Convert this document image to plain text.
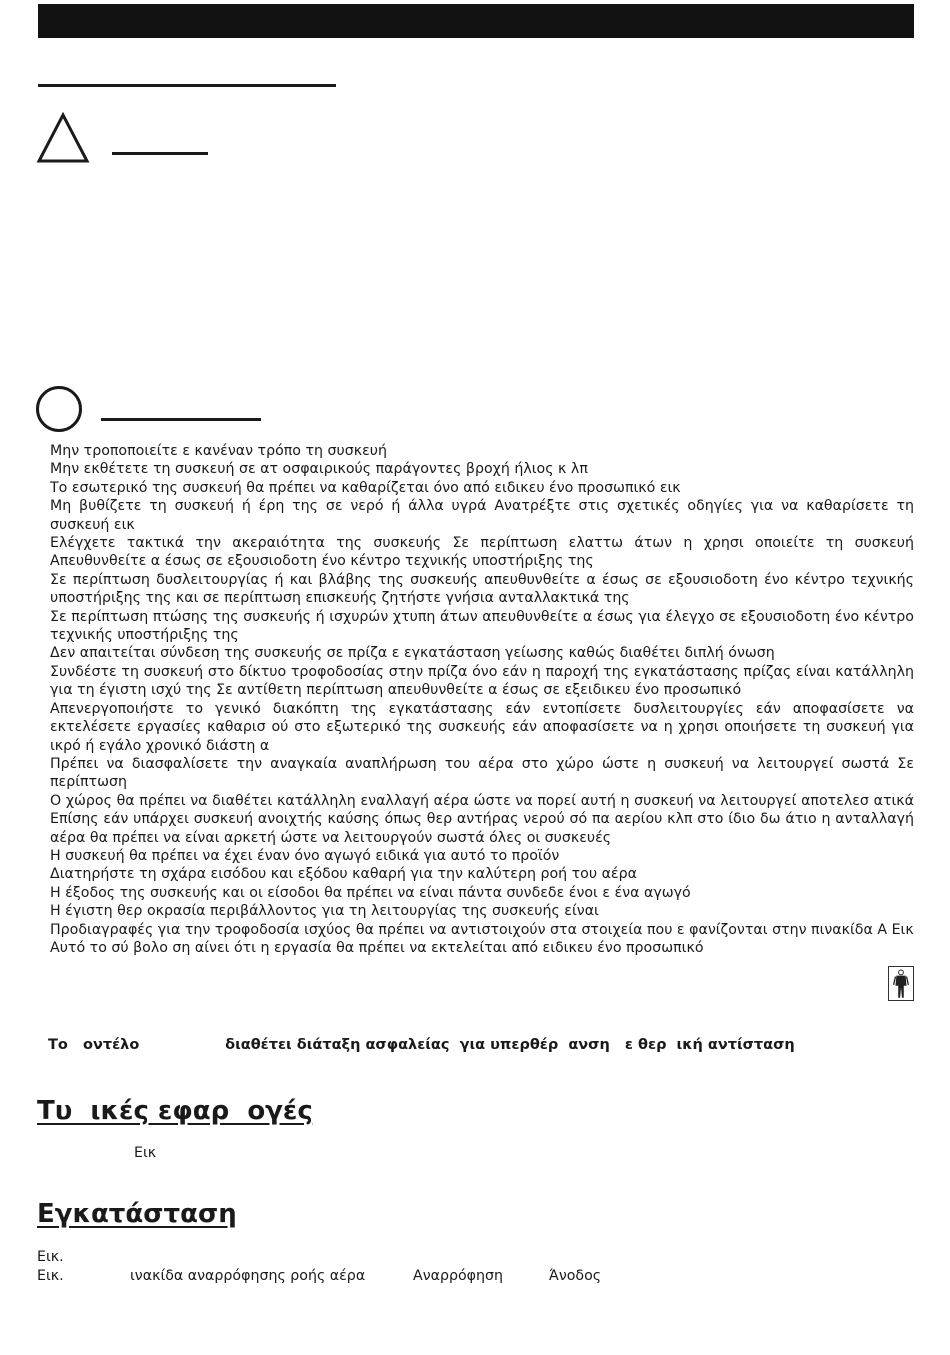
Μην τροποποιείτε ε κανέναν τρόπο τη συσκευή
Μην εκθέτετε τη συσκευή σε ατ οσφαιρικούς παράγοντες βροχή ήλιος κ λπ
Το εσωτερικό της συσκευή θα πρέπει να καθαρίζεται όνο από ειδικευ ένο προσωπικό εικ
Μη βυθίζετε τη συσκευή ή έρη της σε νερό ή άλλα υγρά Ανατρέξτε στις σχετικές οδηγίες για να καθαρίσετε τη συσκευή εικ
Ελέγχετε τακτικά την ακεραιότητα της συσκευής Σε περίπτωση ελαττω άτων η χρησι οποιείτε τη συσκευή Απευθυνθείτε α έσως σε εξουσιοδοτη ένο κέντρο τεχνικής υποστήριξης της
Σε περίπτωση δυσλειτουργίας ή και βλάβης της συσκευής απευθυνθείτε α έσως σε εξουσιοδοτη ένο κέντρο τεχνικής υποστήριξης της και σε περίπτωση επισκευής ζητήστε γνήσια ανταλλακτικά της
Σε περίπτωση πτώσης της συσκευής ή ισχυρών χτυπη άτων απευθυνθείτε α έσως για έλεγχο σε εξουσιοδοτη ένο κέντρο τεχνικής υποστήριξης της
Δεν απαιτείται σύνδεση της συσκευής σε πρίζα ε εγκατάσταση γείωσης καθώς διαθέτει διπλή όνωση
Συνδέστε τη συσκευή στο δίκτυο τροφοδοσίας στην πρίζα όνο εάν η παροχή της εγκατάστασης πρίζας είναι κατάλληλη για τη έγιστη ισχύ της Σε αντίθετη περίπτωση απευθυνθείτε α έσως σε εξειδικευ ένο προσωπικό
Απενεργοποιήστε το γενικό διακόπτη της εγκατάστασης εάν εντοπίσετε δυσλειτουργίες εάν αποφασίσετε να εκτελέσετε εργασίες καθαρισ ού στο εξωτερικό της συσκευής εάν αποφασίσετε να η χρησι οποιήσετε τη συσκευή για ικρό ή εγάλο χρονικό διάστη α
Πρέπει να διασφαλίσετε την αναγκαία αναπλήρωση του αέρα στο χώρο ώστε η συσκευή να λειτουργεί σωστά Σε περίπτωση
Ο χώρος θα πρέπει να διαθέτει κατάλληλη εναλλαγή αέρα ώστε να πορεί αυτή η συσκευή να λειτουργεί αποτελεσ ατικά Επίσης εάν υπάρχει συσκευή ανοιχτής καύσης όπως θερ αντήρας νερού σό πα αερίου κλπ στο ίδιο δω άτιο η ανταλλαγή αέρα θα πρέπει να είναι αρκετή ώστε να λειτουργούν σωστά όλες οι συσκευές
Η συσκευή θα πρέπει να έχει έναν όνο αγωγό ειδικά για αυτό το προϊόν
Διατηρήστε τη σχάρα εισόδου και εξόδου καθαρή για την καλύτερη ροή του αέρα
Η έξοδος της συσκευής και οι είσοδοι θα πρέπει να είναι πάντα συνδεδε ένοι ε ένα αγωγό
Η έγιστη θερ οκρασία περιβάλλοντος για τη λειτουργίας της συσκευής είναι
Προδιαγραφές για την τροφοδοσία ισχύος θα πρέπει να αντιστοιχούν στα στοιχεία που ε φανίζονται στην πινακίδα Α Εικ
Αυτό το σύ βολο ση αίνει ότι η εργασία θα πρέπει να εκτελείται από ειδικευ ένο προσωπικό
Το   οντέλο                 διαθέτει διάταξη ασφαλείας  για υπερθέρ  ανση   ε θερ  ική αντίσταση
Τυ  ικές εφαρ  ογές
Εικ
Εγκατάσταση
Εικ.
Εικ.	ινακίδα αναρρόφησης ροής αέρα	Αναρρόφηση	Άνοδος
